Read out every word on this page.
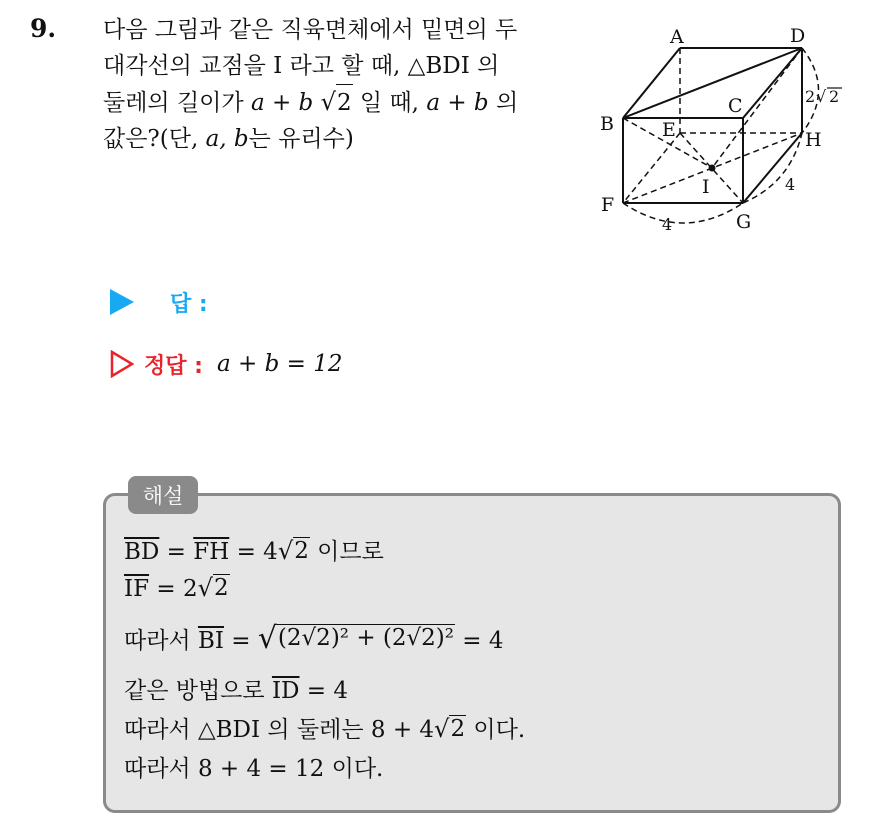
9. 다음 그림과 같은 직육면체에서 밑면의 두
대각선의 교점을 I 라고 할 때, △BDI 의
둘레의 길이가 a + b √ 2 일 때, a + b 의
값은?(단, a, b는 유리수)
A	D
B
C
E	H
I
F
G
2 √ 2
4
4
답 :
정답 : a + b = 12
해설
$\overline{BD} = \overline{FH} = 4$ √ 2 이므로
$\overline{IF} = 2$ √ 2
따라서 $\overline{BI}$ = √ (2√2)² + (2√2)² = 4
같은 방법으로 $\overline{ID} = 4$
따라서 △BDI 의 둘레는 8 + 4 √ 2 이다.
따라서 8 + 4 = 12 이다.
